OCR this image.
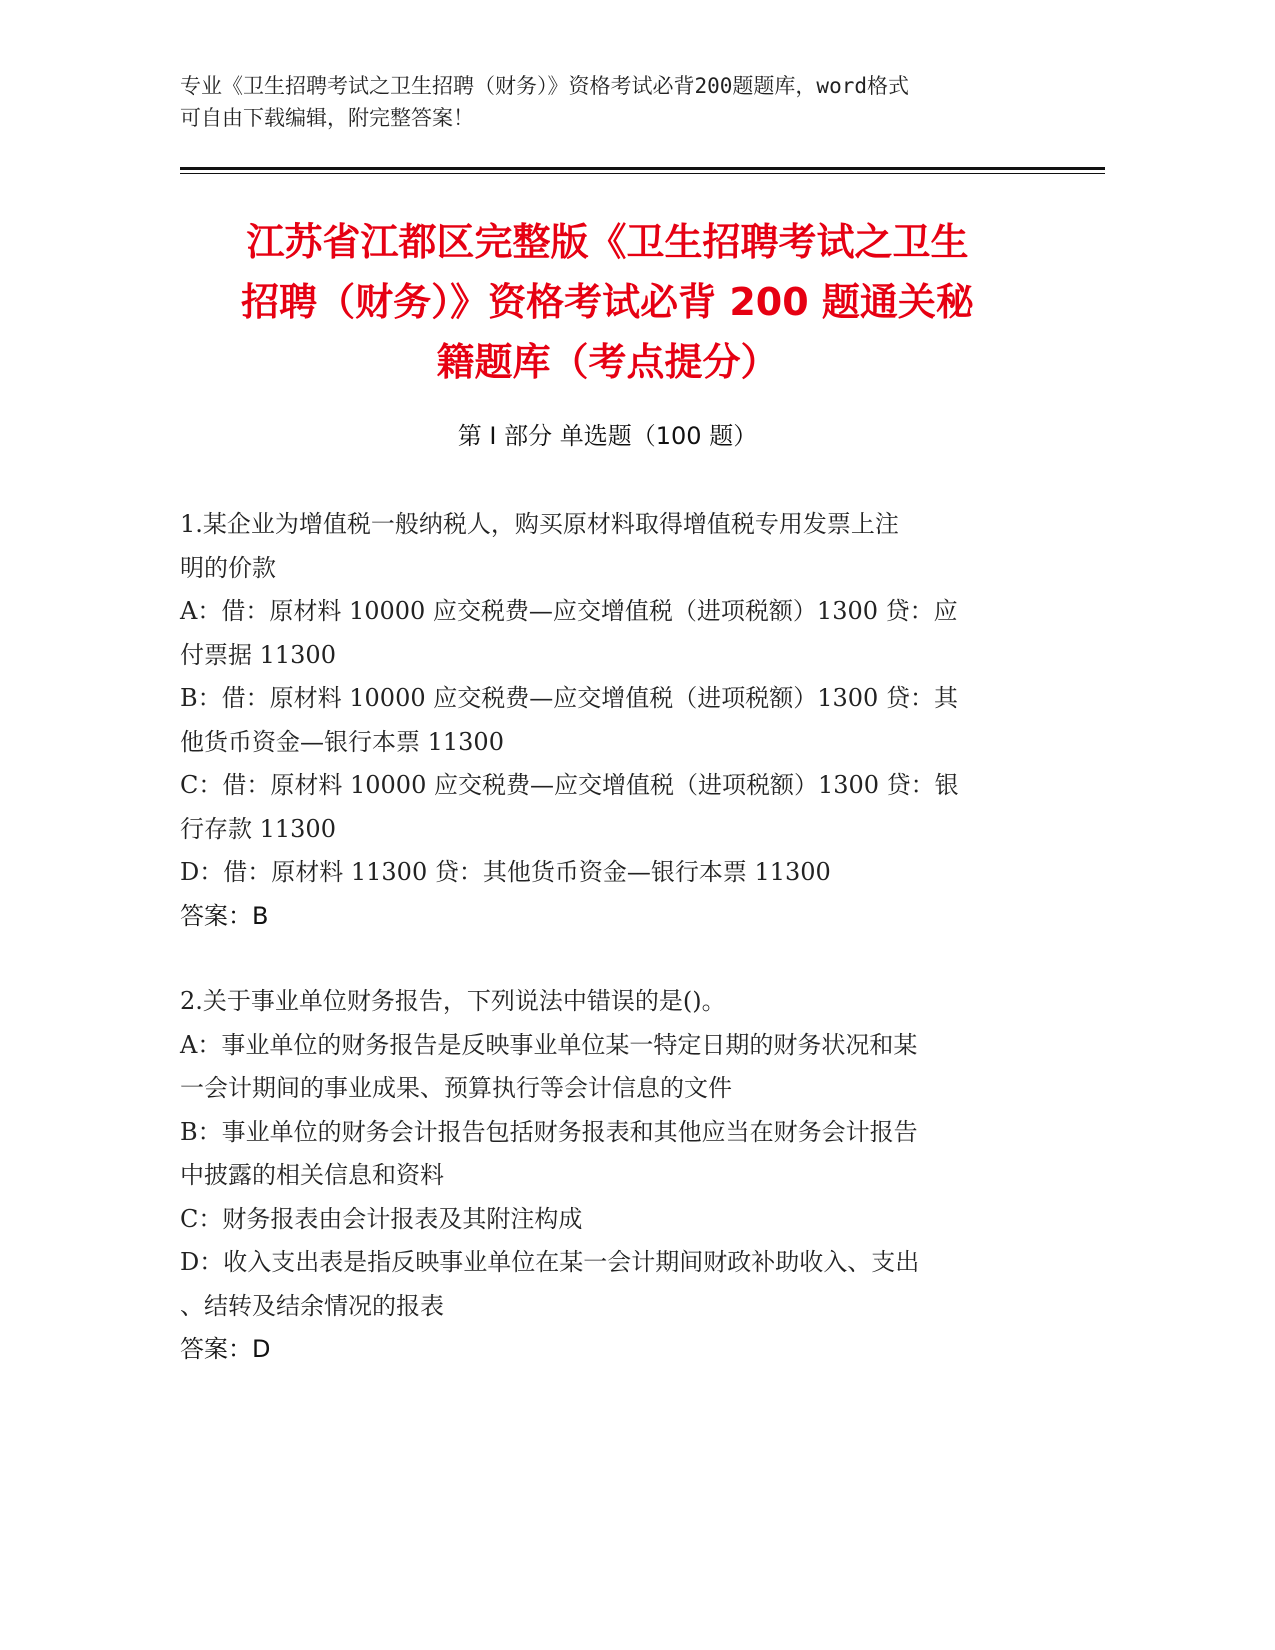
专业《卫生招聘考试之卫生招聘（财务）》资格考试必背200题题库，word格式

可自由下载编辑，附完整答案！

江苏省江都区完整版《卫生招聘考试之卫生
招聘（财务）》资格考试必背 200 题通关秘
籍题库（考点提分）
第 I 部分 单选题（100 题）

1.某企业为增值税一般纳税人，购买原材料取得增值税专用发票上注

明的价款

A：借：原材料 10000 应交税费—应交增值税（进项税额）1300 贷：应

付票据 11300

B：借：原材料 10000 应交税费—应交增值税（进项税额）1300 贷：其

他货币资金—银行本票 11300

C：借：原材料 10000 应交税费—应交增值税（进项税额）1300 贷：银

行存款 11300

D：借：原材料 11300 贷：其他货币资金—银行本票 11300

答案：B

2.关于事业单位财务报告，下列说法中错误的是()。

A：事业单位的财务报告是反映事业单位某一特定日期的财务状况和某

一会计期间的事业成果、预算执行等会计信息的文件

B：事业单位的财务会计报告包括财务报表和其他应当在财务会计报告

中披露的相关信息和资料

C：财务报表由会计报表及其附注构成

D：收入支出表是指反映事业单位在某一会计期间财政补助收入、支出

、结转及结余情况的报表

答案：D
